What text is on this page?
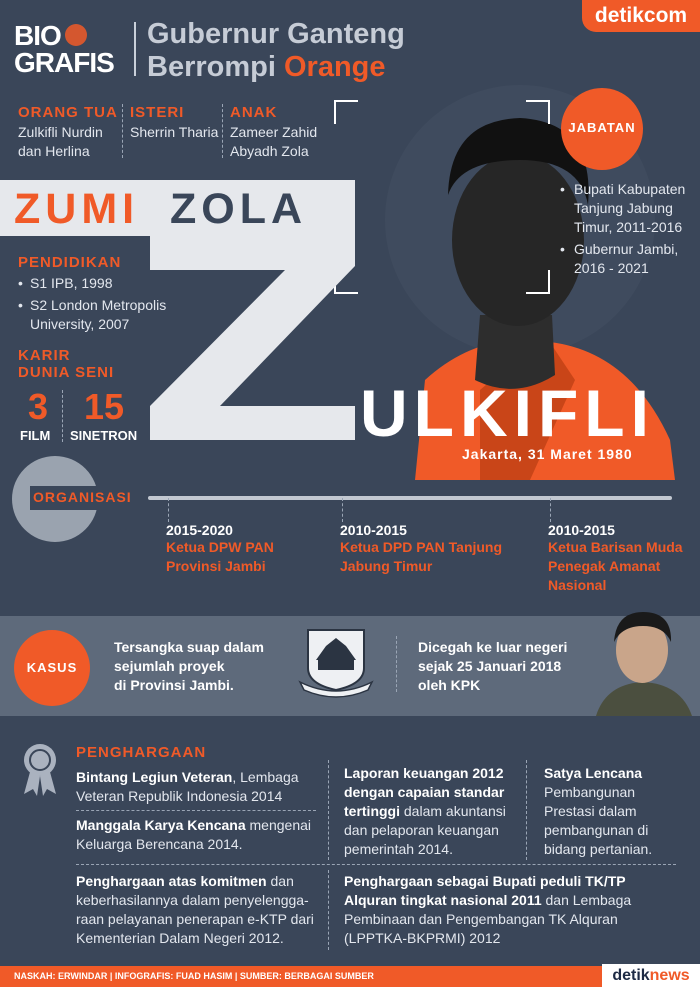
BIO
GRAFIS
Gubernur Ganteng
Berrompi Orange
detikcom
ORANG TUA
Zulkifli Nurdin
dan Herlina
ISTERI
Sherrin Tharia
ANAK
Zameer Zahid
Abyadh Zola
JABATAN
• Bupati Kabupaten Tanjung Jabung Timur, 2011-2016
• Gubernur Jambi, 2016 - 2021
ZUMI ZOLA
ULKIFLI
Jakarta, 31 Maret 1980
PENDIDIKAN
• S1 IPB, 1998
• S2 London Metropolis University, 2007
KARIR
DUNIA SENI
3
FILM
15
SINETRON
ORGANISASI
2015-2020
Ketua DPW PAN
Provinsi Jambi
2010-2015
Ketua DPD PAN Tanjung
Jabung Timur
2010-2015
Ketua Barisan Muda
Penegak Amanat
Nasional
KASUS
Tersangka suap dalam
sejumlah proyek
di Provinsi Jambi.
Dicegah ke luar negeri
sejak 25 Januari 2018
oleh KPK
PENGHARGAAN
Bintang Legiun Veteran, Lembaga Veteran Republik Indonesia 2014
Manggala Karya Kencana mengenai Keluarga Berencana 2014.
Laporan keuangan 2012 dengan capaian standar tertinggi dalam akuntansi dan pelaporan keuangan pemerintah 2014.
Satya Lencana Pembangunan Prestasi dalam pembangunan di bidang pertanian.
Penghargaan atas komitmen dan keberhasilannya dalam penyelengga-raan pelayanan penerapan e-KTP dari Kementerian Dalam Negeri 2012.
Penghargaan sebagai Bupati peduli TK/TP Alquran tingkat nasional 2011 dan Lembaga Pembinaan dan Pengembangan TK Alquran (LPPTKA-BKPRMI) 2012
NASKAH: ERWINDAR | INFOGRAFIS: FUAD HASIM | SUMBER: BERBAGAI SUMBER	detiknews
